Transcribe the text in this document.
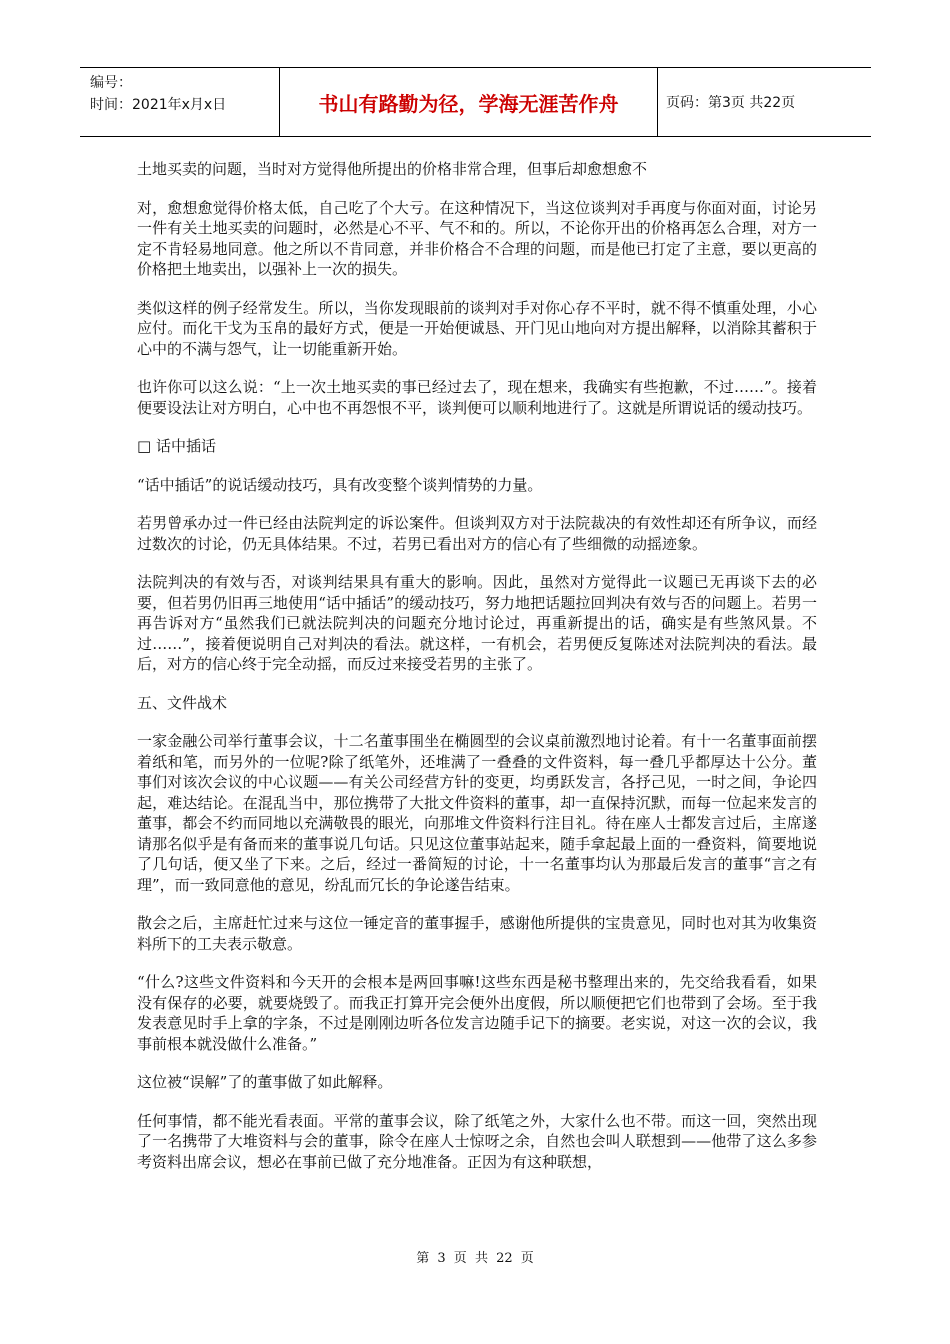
编号：
时间：2021年x月x日	书山有路勤为径，学海无涯苦作舟	页码：第3页 共22页

土地买卖的问题，当时对方觉得他所提出的价格非常合理，但事后却愈想愈不

对，愈想愈觉得价格太低，自己吃了个大亏。在这种情况下，当这位谈判对手再度与你面对面，讨论另一件有关土地买卖的问题时，必然是心不平、气不和的。所以，不论你开出的价格再怎么合理，对方一定不肯轻易地同意。他之所以不肯同意，并非价格合不合理的问题，而是他已打定了主意，要以更高的价格把土地卖出，以强补上一次的损失。

类似这样的例子经常发生。所以，当你发现眼前的谈判对手对你心存不平时，就不得不慎重处理，小心应付。而化干戈为玉帛的最好方式，便是一开始便诚恳、开门见山地向对方提出解释，以消除其蓄积于心中的不满与怨气，让一切能重新开始。

也许你可以这么说：“上一次土地买卖的事已经过去了，现在想来，我确实有些抱歉，不过……”。接着便要设法让对方明白，心中也不再怨恨不平，谈判便可以顺利地进行了。这就是所谓说话的缓动技巧。

□ 话中插话

“话中插话”的说话缓动技巧，具有改变整个谈判情势的力量。

若男曾承办过一件已经由法院判定的诉讼案件。但谈判双方对于法院裁决的有效性却还有所争议，而经过数次的讨论，仍无具体结果。不过，若男已看出对方的信心有了些细微的动摇迹象。

法院判决的有效与否，对谈判结果具有重大的影响。因此，虽然对方觉得此一议题已无再谈下去的必要，但若男仍旧再三地使用“话中插话”的缓动技巧，努力地把话题拉回判决有效与否的问题上。若男一再告诉对方“虽然我们已就法院判决的问题充分地讨论过，再重新提出的话，确实是有些煞风景。不过……”，接着便说明自己对判决的看法。就这样，一有机会，若男便反复陈述对法院判决的看法。最后，对方的信心终于完全动摇，而反过来接受若男的主张了。

五、文件战术

一家金融公司举行董事会议，十二名董事围坐在椭圆型的会议桌前激烈地讨论着。有十一名董事面前摆着纸和笔，而另外的一位呢?除了纸笔外，还堆满了一叠叠的文件资料，每一叠几乎都厚达十公分。董事们对该次会议的中心议题——有关公司经营方针的变更，均勇跃发言，各抒己见，一时之间，争论四起，难达结论。在混乱当中，那位携带了大批文件资料的董事，却一直保持沉默，而每一位起来发言的董事，都会不约而同地以充满敬畏的眼光，向那堆文件资料行注目礼。待在座人士都发言过后，主席遂请那名似乎是有备而来的董事说几句话。只见这位董事站起来，随手拿起最上面的一叠资料，简要地说了几句话，便又坐了下来。之后，经过一番简短的讨论，十一名董事均认为那最后发言的董事“言之有理”，而一致同意他的意见，纷乱而冗长的争论遂告结束。

散会之后，主席赶忙过来与这位一锤定音的董事握手，感谢他所提供的宝贵意见，同时也对其为收集资料所下的工夫表示敬意。

“什么?这些文件资料和今天开的会根本是两回事嘛!这些东西是秘书整理出来的，先交给我看看，如果没有保存的必要，就要烧毁了。而我正打算开完会便外出度假，所以顺便把它们也带到了会场。至于我发表意见时手上拿的字条，不过是刚刚边听各位发言边随手记下的摘要。老实说，对这一次的会议，我事前根本就没做什么准备。”

这位被“误解”了的董事做了如此解释。

任何事情，都不能光看表面。平常的董事会议，除了纸笔之外，大家什么也不带。而这一回，突然出现了一名携带了大堆资料与会的董事，除令在座人士惊呀之余，自然也会叫人联想到——他带了这么多参考资料出席会议，想必在事前已做了充分地准备。正因为有这种联想，

第 3 页 共 22 页
